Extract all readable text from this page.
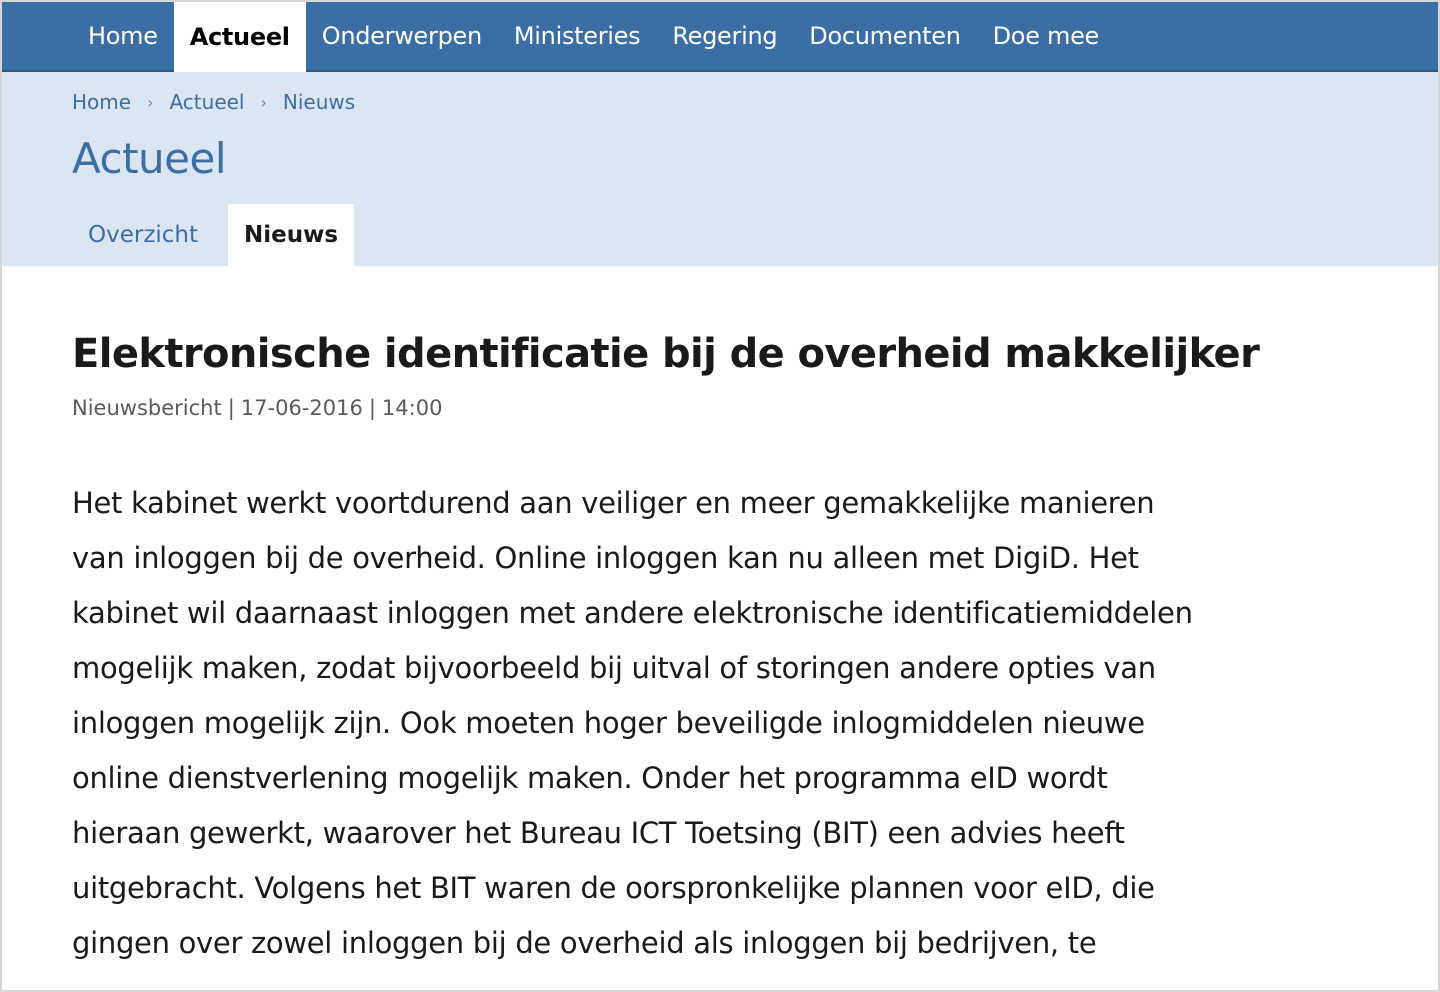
Home	Actueel	Onderwerpen	Ministeries	Regering	Documenten	Doe mee
Home › Actueel › Nieuws
Actueel
Overzicht	Nieuws
Elektronische identificatie bij de overheid makkelijker
Nieuwsbericht | 17-06-2016 | 14:00
Het kabinet werkt voortdurend aan veiliger en meer gemakkelijke manieren
van inloggen bij de overheid. Online inloggen kan nu alleen met DigiD. Het
kabinet wil daarnaast inloggen met andere elektronische identificatiemiddelen
mogelijk maken, zodat bijvoorbeeld bij uitval of storingen andere opties van
inloggen mogelijk zijn. Ook moeten hoger beveiligde inlogmiddelen nieuwe
online dienstverlening mogelijk maken. Onder het programma eID wordt
hieraan gewerkt, waarover het Bureau ICT Toetsing (BIT) een advies heeft
uitgebracht. Volgens het BIT waren de oorspronkelijke plannen voor eID, die
gingen over zowel inloggen bij de overheid als inloggen bij bedrijven, te
